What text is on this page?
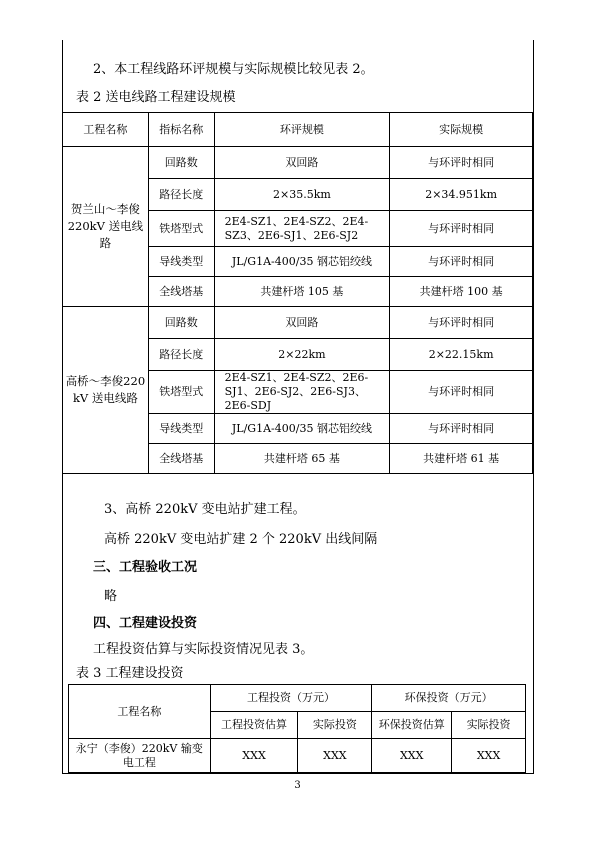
2、本工程线路环评规模与实际规模比较见表 2。
表 2 送电线路工程建设规模
工程名称	指标名称	环评规模	实际规模
贺兰山～李俊220kV 送电线路	回路数	双回路	与环评时相同
	路径长度	2×35.5km	2×34.951km
	铁塔型式	2E4-SZ1、2E4-SZ2、2E4-SZ3、2E6-SJ1、2E6-SJ2	与环评时相同
	导线类型	JL/G1A-400/35 钢芯铝绞线	与环评时相同
	全线塔基	共建杆塔 105 基	共建杆塔 100 基
高桥～李俊220 kV 送电线路	回路数	双回路	与环评时相同
	路径长度	2×22km	2×22.15km
	铁塔型式	2E4-SZ1、2E4-SZ2、2E6-SJ1、2E6-SJ2、2E6-SJ3、2E6-SDJ	与环评时相同
	导线类型	JL/G1A-400/35 钢芯铝绞线	与环评时相同
	全线塔基	共建杆塔 65 基	共建杆塔 61 基
3、高桥 220kV 变电站扩建工程。
高桥 220kV 变电站扩建 2 个 220kV 出线间隔
三、工程验收工况
略
四、工程建设投资
工程投资估算与实际投资情况见表 3。
表 3 工程建设投资
工程名称	工程投资（万元）		环保投资（万元）	
	工程投资估算	实际投资	环保投资估算	实际投资
永宁（李俊）220kV 输变电工程	XXX	XXX	XXX	XXX
3
